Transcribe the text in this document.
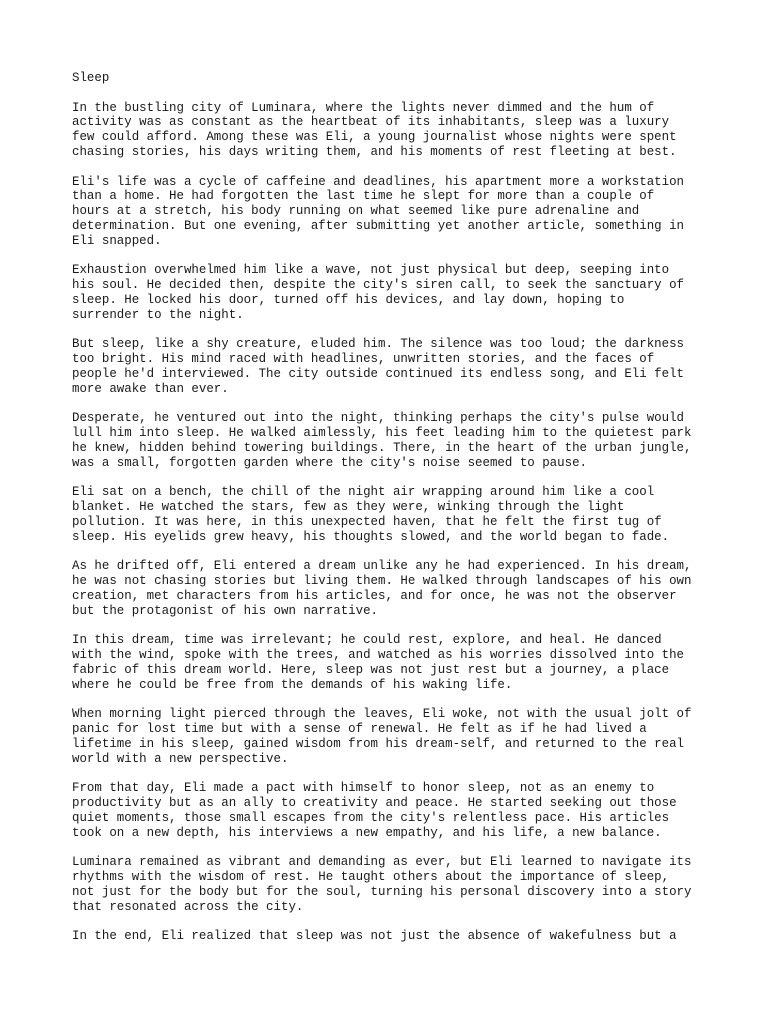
Sleep

In the bustling city of Luminara, where the lights never dimmed and the hum of
activity was as constant as the heartbeat of its inhabitants, sleep was a luxury
few could afford. Among these was Eli, a young journalist whose nights were spent
chasing stories, his days writing them, and his moments of rest fleeting at best.

Eli's life was a cycle of caffeine and deadlines, his apartment more a workstation
than a home. He had forgotten the last time he slept for more than a couple of
hours at a stretch, his body running on what seemed like pure adrenaline and
determination. But one evening, after submitting yet another article, something in
Eli snapped.

Exhaustion overwhelmed him like a wave, not just physical but deep, seeping into
his soul. He decided then, despite the city's siren call, to seek the sanctuary of
sleep. He locked his door, turned off his devices, and lay down, hoping to
surrender to the night.

But sleep, like a shy creature, eluded him. The silence was too loud; the darkness
too bright. His mind raced with headlines, unwritten stories, and the faces of
people he'd interviewed. The city outside continued its endless song, and Eli felt
more awake than ever.

Desperate, he ventured out into the night, thinking perhaps the city's pulse would
lull him into sleep. He walked aimlessly, his feet leading him to the quietest park
he knew, hidden behind towering buildings. There, in the heart of the urban jungle,
was a small, forgotten garden where the city's noise seemed to pause.

Eli sat on a bench, the chill of the night air wrapping around him like a cool
blanket. He watched the stars, few as they were, winking through the light
pollution. It was here, in this unexpected haven, that he felt the first tug of
sleep. His eyelids grew heavy, his thoughts slowed, and the world began to fade.

As he drifted off, Eli entered a dream unlike any he had experienced. In his dream,
he was not chasing stories but living them. He walked through landscapes of his own
creation, met characters from his articles, and for once, he was not the observer
but the protagonist of his own narrative.

In this dream, time was irrelevant; he could rest, explore, and heal. He danced
with the wind, spoke with the trees, and watched as his worries dissolved into the
fabric of this dream world. Here, sleep was not just rest but a journey, a place
where he could be free from the demands of his waking life.

When morning light pierced through the leaves, Eli woke, not with the usual jolt of
panic for lost time but with a sense of renewal. He felt as if he had lived a
lifetime in his sleep, gained wisdom from his dream-self, and returned to the real
world with a new perspective.

From that day, Eli made a pact with himself to honor sleep, not as an enemy to
productivity but as an ally to creativity and peace. He started seeking out those
quiet moments, those small escapes from the city's relentless pace. His articles
took on a new depth, his interviews a new empathy, and his life, a new balance.

Luminara remained as vibrant and demanding as ever, but Eli learned to navigate its
rhythms with the wisdom of rest. He taught others about the importance of sleep,
not just for the body but for the soul, turning his personal discovery into a story
that resonated across the city.

In the end, Eli realized that sleep was not just the absence of wakefulness but a
